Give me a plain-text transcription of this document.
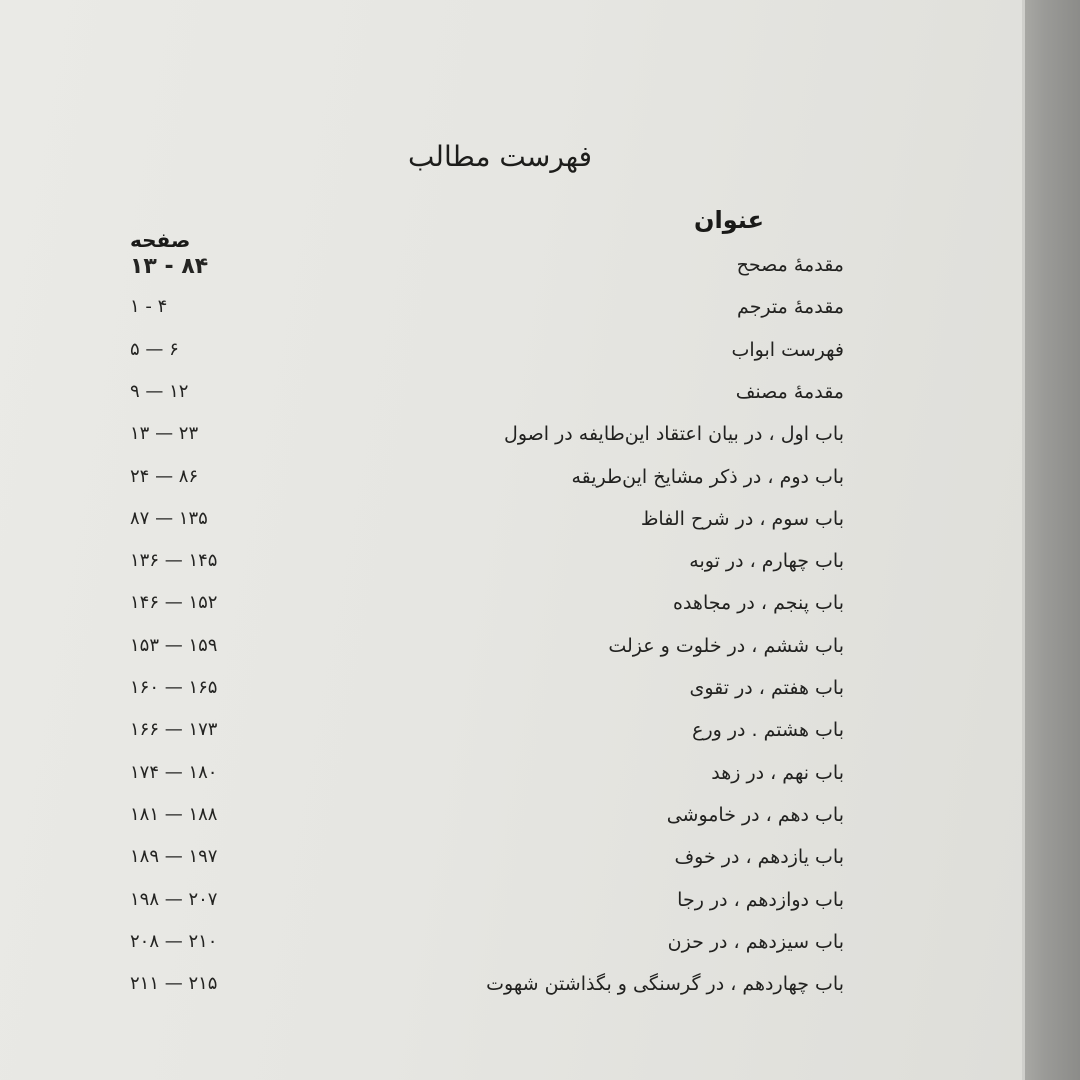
فهرست مطالب
عنوان
صفحه
مقدمهٔ مصحح
۸۴ - ۱۳
مقدمهٔ مترجم
۴ - ۱
فهرست ابواب
۶ — ۵
مقدمهٔ مصنف
۱۲ — ۹
باب اول ، در بیان اعتقاد این‌طایفه در اصول
۲۳ — ۱۳
باب دوم ، در ذکر مشایخ این‌طریقه
۸۶ — ۲۴
باب سوم ، در شرح الفاظ
۱۳۵ — ۸۷
باب چهارم ، در توبه
۱۴۵ — ۱۳۶
باب پنجم ، در مجاهده
۱۵۲ — ۱۴۶
باب ششم ، در خلوت و عزلت
۱۵۹ — ۱۵۳
باب هفتم ، در تقوی
۱۶۵ — ۱۶۰
باب هشتم . در ورع
۱۷۳ — ۱۶۶
باب نهم ، در زهد
۱۸۰ — ۱۷۴
باب دهم ، در خاموشی
۱۸۸ — ۱۸۱
باب یازدهم ، در خوف
۱۹۷ — ۱۸۹
باب دوازدهم ، در رجا
۲۰۷ — ۱۹۸
باب سیزدهم ، در حزن
۲۱۰ — ۲۰۸
باب چهاردهم ، در گرسنگی و بگذاشتن شهوت
۲۱۵ — ۲۱۱
